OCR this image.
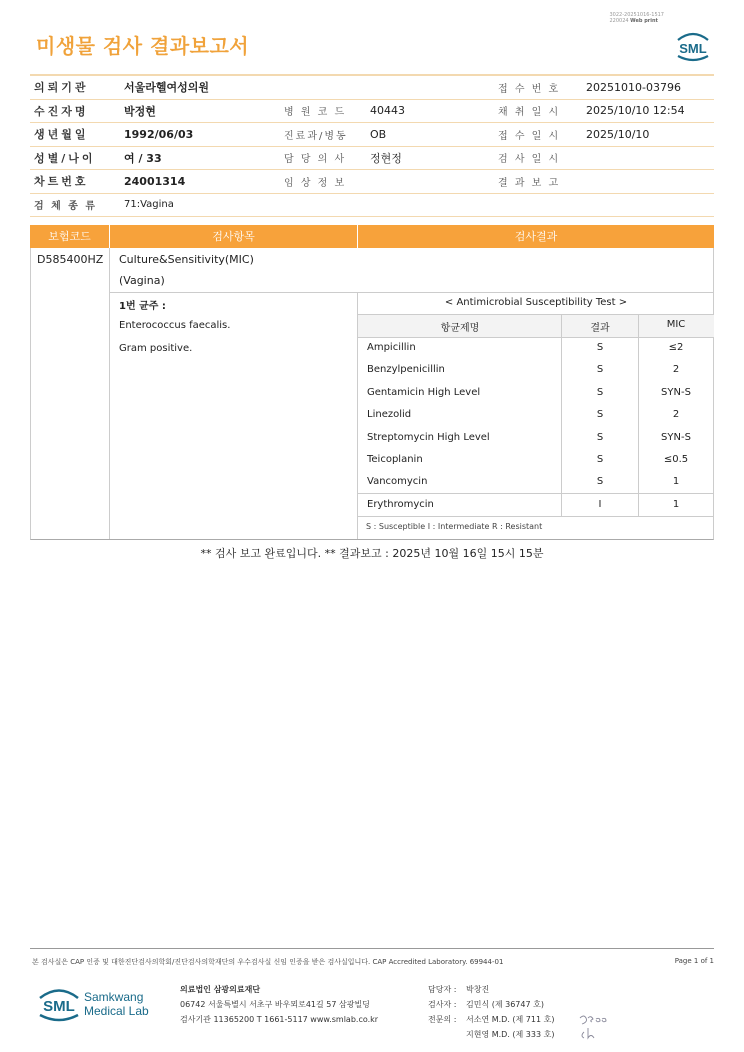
미생물 검사 결과보고서
3022-20251016-1517
220024 Web print
SML
의뢰기관	서울라헬여성의원			접 수 번 호	20251010-03796
수진자명	박정현	병 원 코 드	40443	채 취 일 시	2025/10/10 12:54
생년월일	1992/06/03	진료과/병동	OB	접 수 일 시	2025/10/10
성별/나이	여 / 33	담 당 의 사	정현정	검 사 일 시	
차트번호	24001314	임 상 정 보		결 과 보 고	
검 체 종 류	71:Vagina				
보험코드	검사항목	검사결과
D585400HZ Culture&Sensitivity(MIC)
(Vagina)
1번 균주 :
Enterococcus faecalis.
Gram positive.
< Antimicrobial Susceptibility Test >
항균제명	결과	MIC
Ampicillin	S	≤2
Benzylpenicillin	S	2
Gentamicin High Level	S	SYN-S
Linezolid	S	2
Streptomycin High Level	S	SYN-S
Teicoplanin	S	≤0.5
Vancomycin	S	1
Erythromycin	I	1
S : Susceptible I : Intermediate R : Resistant
** 검사 보고 완료입니다. ** 결과보고 : 2025년 10월 16일 15시 15분
본 검사실은 CAP 인증 및 대한진단검사의학회/진단검사의학재단의 우수검사실 신임 인증을 받은 검사실입니다. CAP Accredited Laboratory. 69944-01	Page 1 of 1
SML
Samkwang
Medical Lab
의료법인 삼광의료재단
06742 서울특별시 서초구 바우뫼로41길 57 삼광빌딩
검사기관 11365200 T 1661-5117 www.smlab.co.kr
담당자 : 박창진
검사자 : 김민식 (제 36747 호)
전문의 : 서소연 M.D. (제 711 호)
지현영 M.D. (제 333 호)
